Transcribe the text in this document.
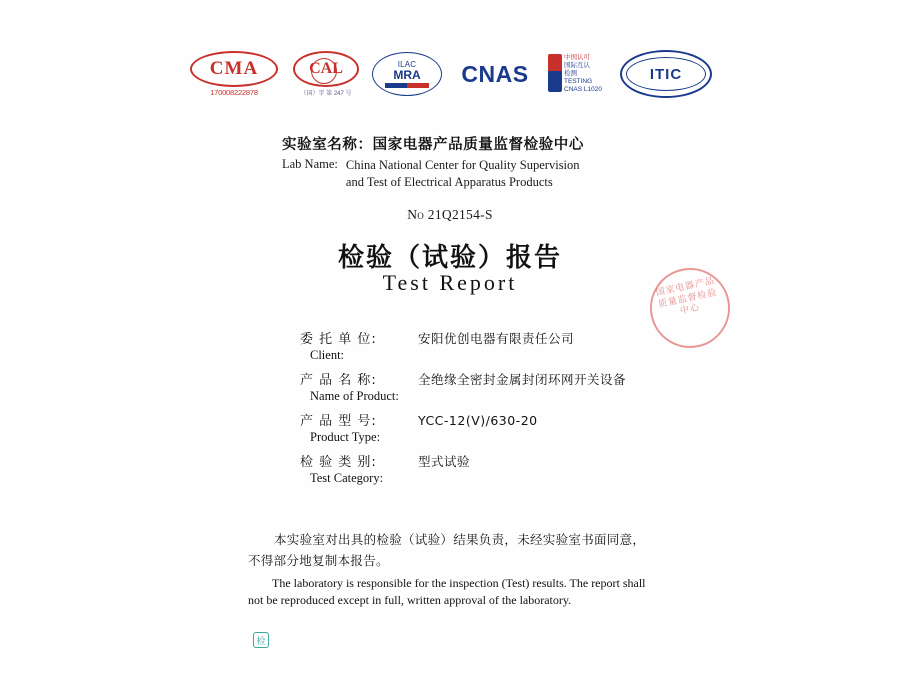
CMA
170008222878
CAL
（国）字 第 247 号
ILAC
MRA CNAS
中国认可
国际互认
检测
TESTING
CNAS L1020
ITIC
实验室名称：国家电器产品质量监督检验中心
Lab Name: China National Center for Quality Supervision
and Test of Electrical Apparatus Products
No 21Q2154-S
检验（试验）报告
Test Report	国家电器产品质量监督检验中心
委 托 单 位:	安阳优创电器有限责任公司
Client:
产 品 名 称:	全绝缘全密封金属封闭环网开关设备
Name of Product:
产 品 型 号:	YCC-12(V)/630-20
Product Type:
检 验 类 别:	型式试验
Test Category:
本实验室对出具的检验（试验）结果负责，未经实验室书面同意，
不得部分地复制本报告。
The laboratory is responsible for the inspection (Test) results. The report shall
not be reproduced except in full, written approval of the laboratory.
检
